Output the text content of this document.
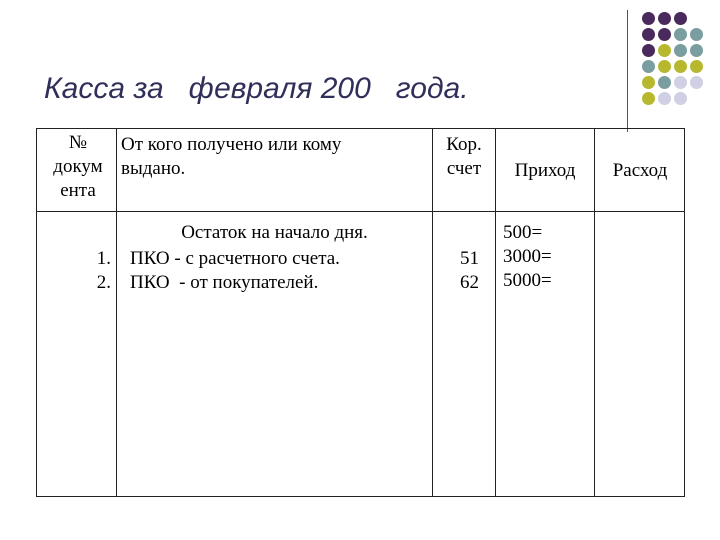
Касса за   февраля 200   года.
№
докум
ента
От кого получено или кому
выдано.
Кор.
счет	Приход	Расход
1.
2.
Остаток на начало дня.
ПКО - с расчетного счета.
ПКО  - от покупателей.
51
62
500=
3000=
5000=
